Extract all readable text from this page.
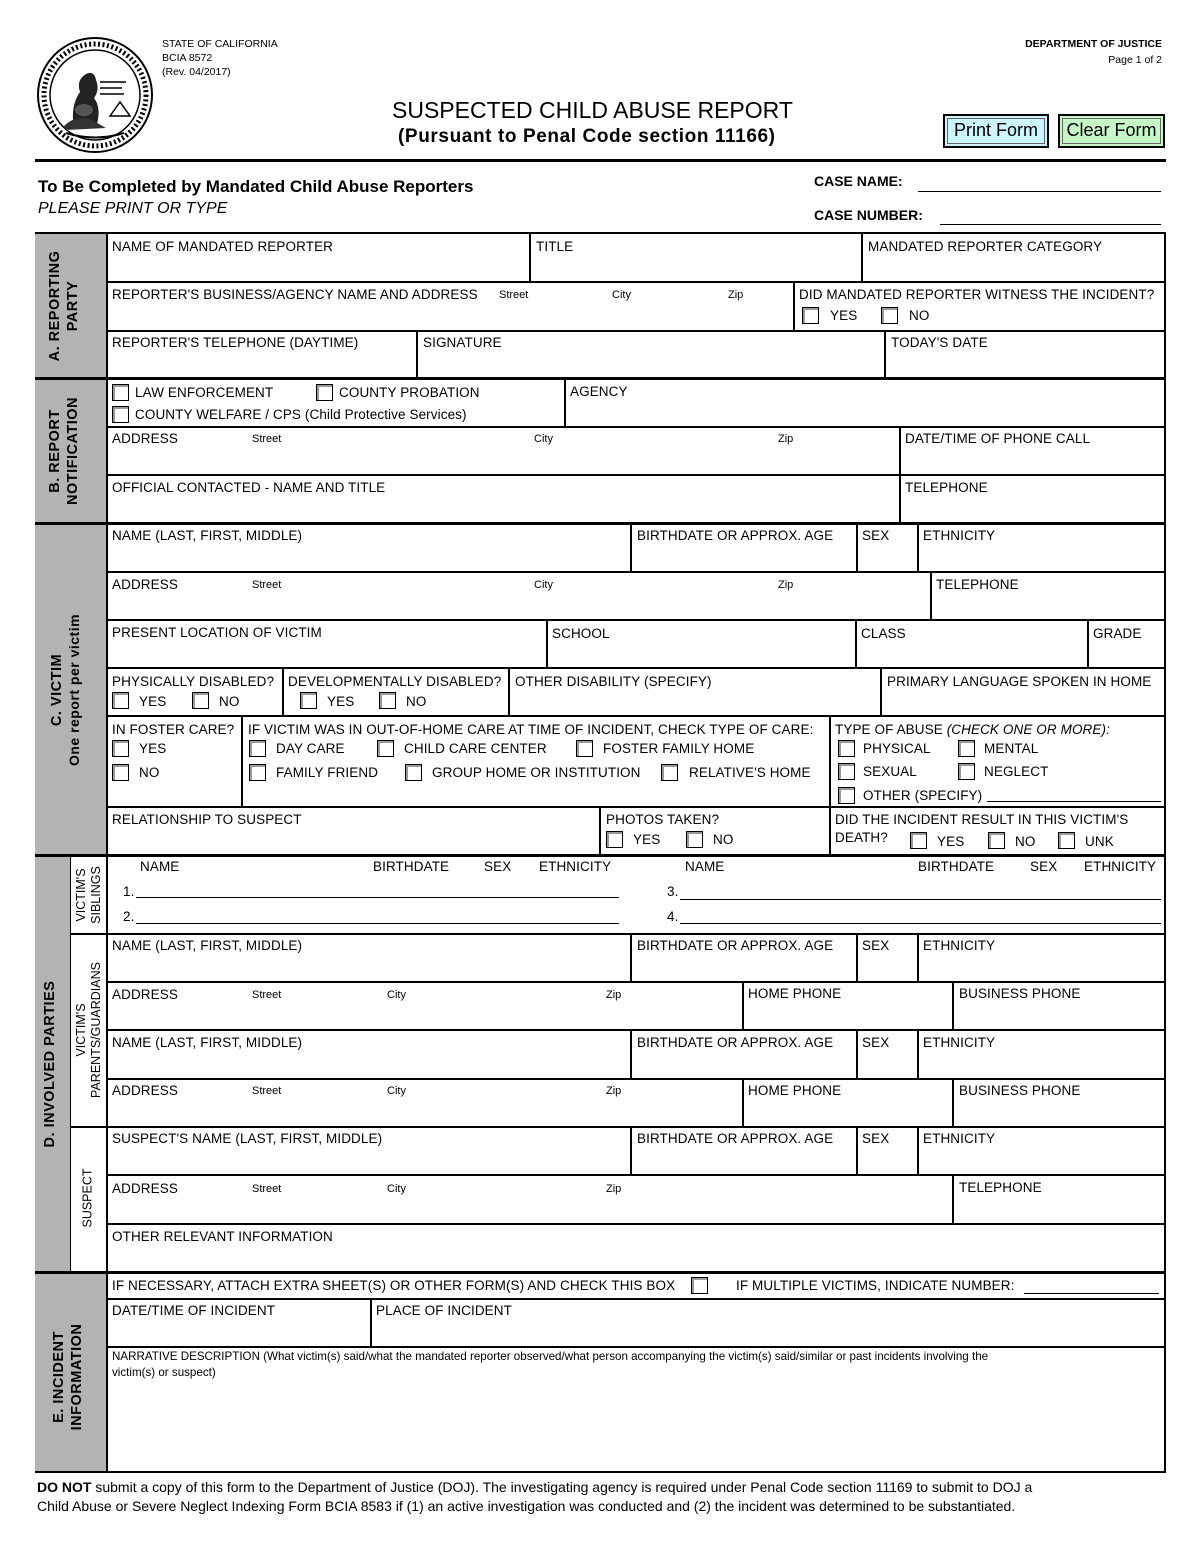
STATE OF CALIFORNIA
BCIA 8572
(Rev. 04/2017)
DEPARTMENT OF JUSTICE
Page 1 of 2
SUSPECTED CHILD ABUSE REPORT
(Pursuant to Penal Code section 11166)	Print Form	Clear Form
To Be Completed by Mandated Child Abuse Reporters
PLEASE PRINT OR TYPE
CASE NAME:
CASE NUMBER:
A. REPORTING PARTY
B. REPORT NOTIFICATION
C. VICTIM
One report per victim
D. INVOLVED PARTIES
VICTIM'S
SIBLINGS
VICTIM'S
PARENTS/GUARDIANS
SUSPECT
E. INCIDENT INFORMATION
NAME OF MANDATED REPORTER	TITLE	MANDATED REPORTER CATEGORY
REPORTER'S BUSINESS/AGENCY NAME AND ADDRESS Street	City	Zip	DID MANDATED REPORTER WITNESS THE INCIDENT?
YES	NO
REPORTER'S TELEPHONE (DAYTIME)	SIGNATURE	TODAY'S DATE
LAW ENFORCEMENT	COUNTY PROBATION
COUNTY WELFARE / CPS (Child Protective Services)
AGENCY
ADDRESS	Street	City	Zip	DATE/TIME OF PHONE CALL
OFFICIAL CONTACTED - NAME AND TITLE	TELEPHONE
NAME (LAST, FIRST, MIDDLE)	BIRTHDATE OR APPROX. AGE SEX ETHNICITY
ADDRESS	Street	City	Zip	TELEPHONE
PRESENT LOCATION OF VICTIM	SCHOOL	CLASS	GRADE
PHYSICALLY DISABLED?
YES	NO
DEVELOPMENTALLY DISABLED?
YES	NO
OTHER DISABILITY (SPECIFY)	PRIMARY LANGUAGE SPOKEN IN HOME
IN FOSTER CARE?
YES
NO
IF VICTIM WAS IN OUT-OF-HOME CARE AT TIME OF INCIDENT, CHECK TYPE OF CARE:
DAY CARE	CHILD CARE CENTER	FOSTER FAMILY HOME
FAMILY FRIEND	GROUP HOME OR INSTITUTION	RELATIVE'S HOME
TYPE OF ABUSE (CHECK ONE OR MORE):
PHYSICAL	MENTAL
SEXUAL	NEGLECT
OTHER (SPECIFY)
RELATIONSHIP TO SUSPECT	PHOTOS TAKEN?
YES	NO
DID THE INCIDENT RESULT IN THIS VICTIM'S
DEATH?	YES	NO	UNK
NAME	BIRTHDATE	SEX ETHNICITY	NAME	BIRTHDATE	SEX ETHNICITY
1.
2.
3.
4.
NAME (LAST, FIRST, MIDDLE)	BIRTHDATE OR APPROX. AGE SEX ETHNICITY
ADDRESS	Street	City	Zip	HOME PHONE	BUSINESS PHONE
NAME (LAST, FIRST, MIDDLE)	BIRTHDATE OR APPROX. AGE SEX ETHNICITY
ADDRESS	Street	City	Zip	HOME PHONE	BUSINESS PHONE
SUSPECT'S NAME (LAST, FIRST, MIDDLE)	BIRTHDATE OR APPROX. AGE SEX ETHNICITY
ADDRESS	Street	City	Zip	TELEPHONE
OTHER RELEVANT INFORMATION
IF NECESSARY, ATTACH EXTRA SHEET(S) OR OTHER FORM(S) AND CHECK THIS BOX	IF MULTIPLE VICTIMS, INDICATE NUMBER:
DATE/TIME OF INCIDENT	PLACE OF INCIDENT
NARRATIVE DESCRIPTION (What victim(s) said/what the mandated reporter observed/what person accompanying the victim(s) said/similar or past incidents involving the
victim(s) or suspect)
DO NOT submit a copy of this form to the Department of Justice (DOJ). The investigating agency is required under Penal Code section 11169 to submit to DOJ a
Child Abuse or Severe Neglect Indexing Form BCIA 8583 if (1) an active investigation was conducted and (2) the incident was determined to be substantiated.
